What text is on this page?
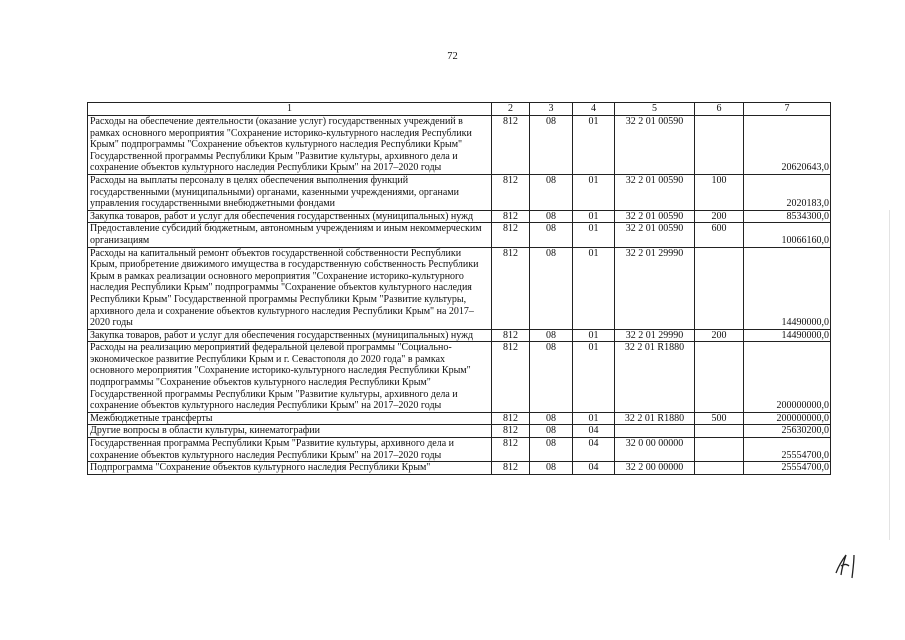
72
1	2	3	4	5	6	7
Расходы на обеспечение деятельности (оказание услуг) государственных учреждений в рамках основного мероприятия "Сохранение историко-культурного наследия Республики Крым" подпрограммы "Сохранение объектов культурного наследия Республики Крым" Государственной программы Республики Крым "Развитие культуры, архивного дела и сохранение объектов культурного наследия Республики Крым" на 2017–2020 годы	812	08	01	32 2 01 00590		20620643,0
Расходы на выплаты персоналу в целях обеспечения выполнения функций государственными (муниципальными) органами, казенными учреждениями, органами управления государственными внебюджетными фондами	812	08	01	32 2 01 00590	100	2020183,0
Закупка товаров, работ и услуг для обеспечения государственных (муниципальных) нужд	812	08	01	32 2 01 00590	200	8534300,0
Предоставление субсидий бюджетным, автономным учреждениям и иным некоммерческим организациям	812	08	01	32 2 01 00590	600	10066160,0
Расходы на капитальный ремонт объектов государственной собственности Республики Крым, приобретение движимого имущества в государственную собственность Республики Крым в рамках реализации основного мероприятия "Сохранение историко-культурного наследия Республики Крым" подпрограммы "Сохранение объектов культурного наследия Республики Крым" Государственной программы Республики Крым "Развитие культуры, архивного дела и сохранение объектов культурного наследия Республики Крым" на 2017–2020 годы	812	08	01	32 2 01 29990		14490000,0
Закупка товаров, работ и услуг для обеспечения государственных (муниципальных) нужд	812	08	01	32 2 01 29990	200	14490000,0
Расходы на реализацию мероприятий федеральной целевой программы "Социально-экономическое развитие Республики Крым и г. Севастополя до 2020 года" в рамках основного мероприятия "Сохранение историко-культурного наследия Республики Крым" подпрограммы "Сохранение объектов культурного наследия Республики Крым" Государственной программы Республики Крым "Развитие культуры, архивного дела и сохранение объектов культурного наследия Республики Крым" на 2017–2020 годы	812	08	01	32 2 01 R1880		200000000,0
Межбюджетные трансферты	812	08	01	32 2 01 R1880	500	200000000,0
Другие вопросы в области культуры, кинематографии	812	08	04			25630200,0
Государственная программа Республики Крым "Развитие культуры, архивного дела и сохранение объектов культурного наследия Республики Крым" на 2017–2020 годы	812	08	04	32 0 00 00000		25554700,0
Подпрограмма "Сохранение объектов культурного наследия Республики Крым"	812	08	04	32 2 00 00000		25554700,0
